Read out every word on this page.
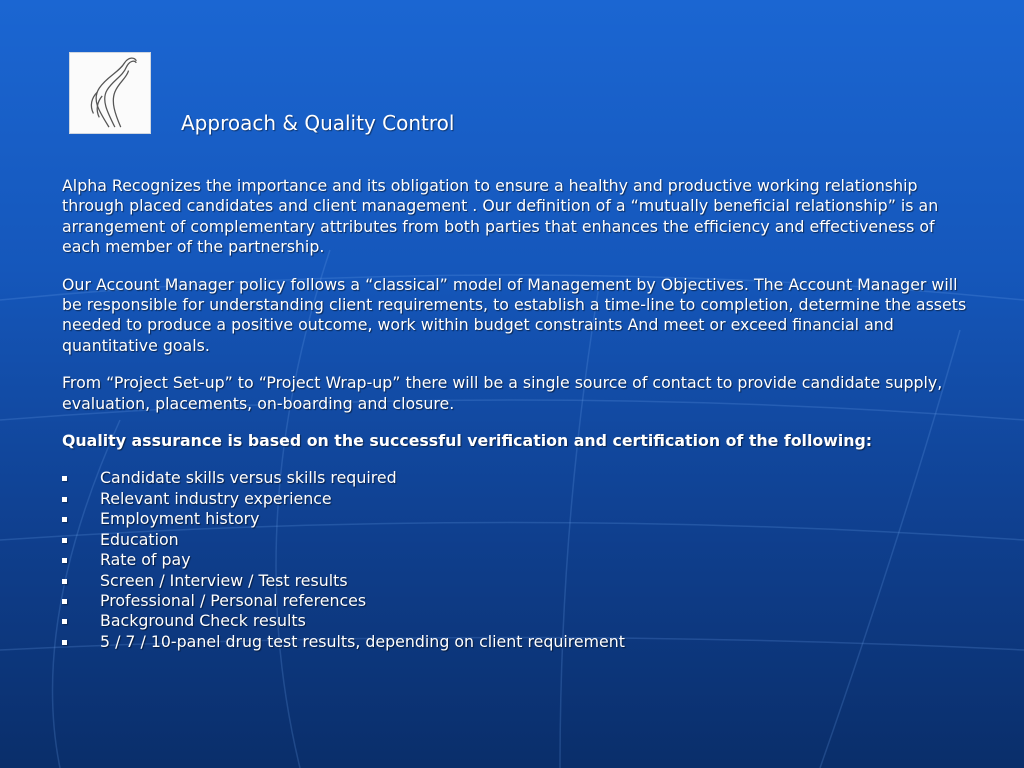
Approach & Quality Control

Alpha Recognizes the importance and its obligation to ensure a healthy and productive working relationship through placed candidates and client management . Our definition of a “mutually beneficial relationship” is an arrangement of complementary attributes from both parties that enhances the efficiency and effectiveness of each member of the partnership.

Our Account Manager policy follows a “classical” model of Management by Objectives. The Account Manager will be responsible for understanding client requirements, to establish a time-line to completion, determine the assets needed to produce a positive outcome, work within budget constraints And meet or exceed financial and quantitative goals.

From “Project Set-up” to “Project Wrap-up” there will be a single source of contact to provide candidate supply, evaluation, placements, on-boarding and closure.

Quality assurance is based on the successful verification and certification of the following:

Candidate skills versus skills required
Relevant industry experience
Employment history
Education
Rate of pay
Screen / Interview / Test results
Professional / Personal references
Background Check results
5 / 7 / 10-panel drug test results, depending on client requirement
